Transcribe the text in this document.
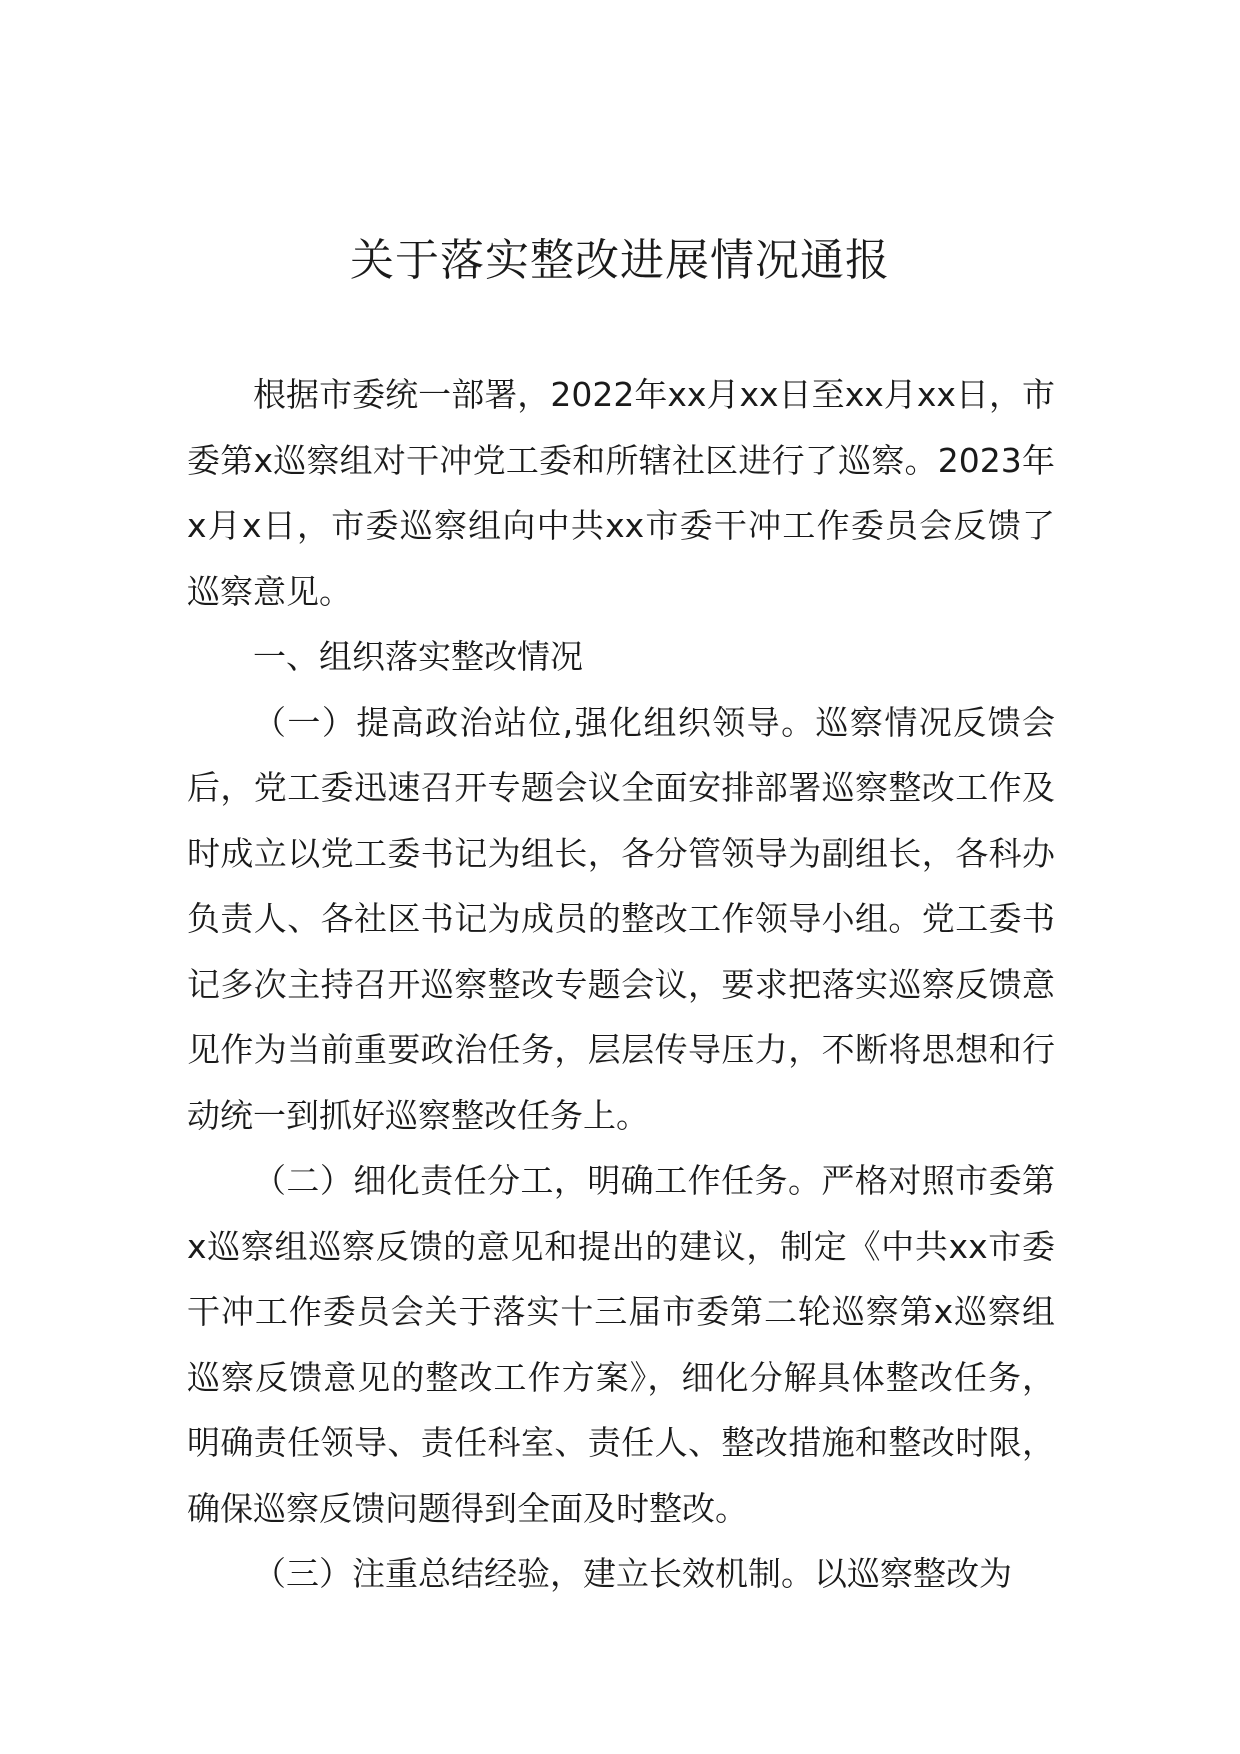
关于落实整改进展情况通报

根据市委统一部署，2022年xx月xx日至xx月xx日，市委第x巡察组对干冲党工委和所辖社区进行了巡察。2023年x月x日，市委巡察组向中共xx市委干冲工作委员会反馈了巡察意见。

一、组织落实整改情况

（一）提高政治站位,强化组织领导。巡察情况反馈会后，党工委迅速召开专题会议全面安排部署巡察整改工作及时成立以党工委书记为组长，各分管领导为副组长，各科办负责人、各社区书记为成员的整改工作领导小组。党工委书记多次主持召开巡察整改专题会议，要求把落实巡察反馈意见作为当前重要政治任务，层层传导压力，不断将思想和行动统一到抓好巡察整改任务上。

（二）细化责任分工，明确工作任务。严格对照市委第x巡察组巡察反馈的意见和提出的建议，制定《中共xx市委干冲工作委员会关于落实十三届市委第二轮巡察第x巡察组巡察反馈意见的整改工作方案》，细化分解具体整改任务，明确责任领导、责任科室、责任人、整改措施和整改时限，确保巡察反馈问题得到全面及时整改。

（三）注重总结经验，建立长效机制。以巡察整改为
